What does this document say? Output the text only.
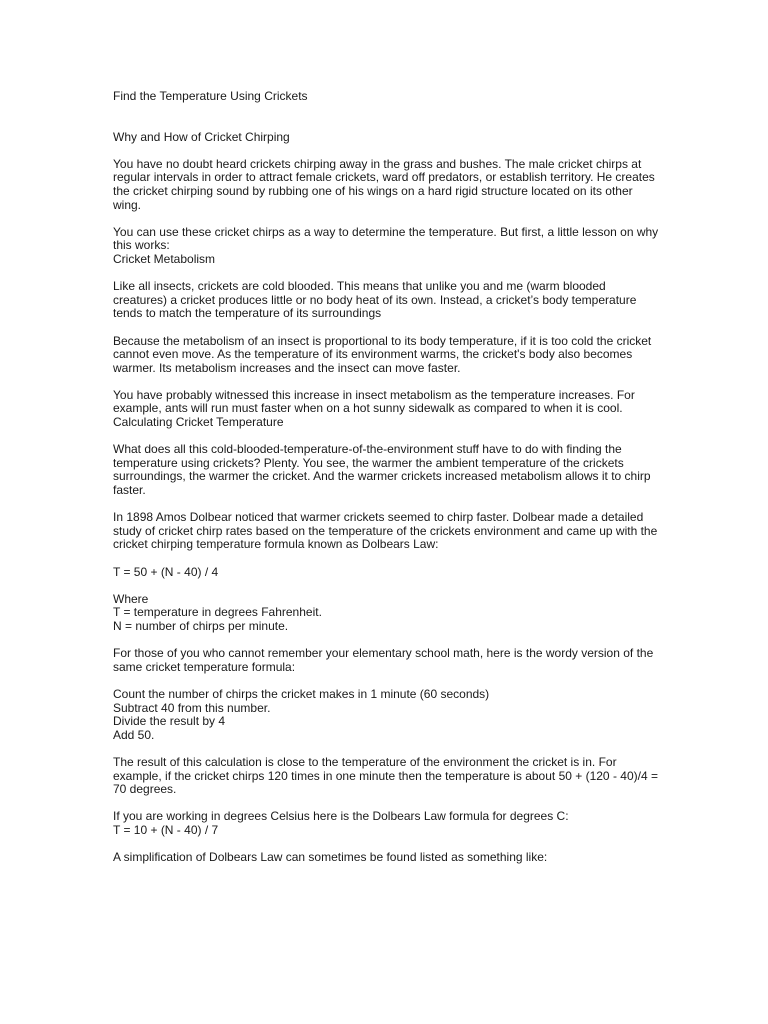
Find the Temperature Using Crickets

Why and How of Cricket Chirping

You have no doubt heard crickets chirping away in the grass and bushes. The male cricket chirps at regular intervals in order to attract female crickets, ward off predators, or establish territory. He creates the cricket chirping sound by rubbing one of his wings on a hard rigid structure located on its other wing.

You can use these cricket chirps as a way to determine the temperature. But first, a little lesson on why this works:

Cricket Metabolism

Like all insects, crickets are cold blooded. This means that unlike you and me (warm blooded creatures) a cricket produces little or no body heat of its own. Instead, a cricket’s body temperature tends to match the temperature of its surroundings

Because the metabolism of an insect is proportional to its body temperature, if it is too cold the cricket cannot even move. As the temperature of its environment warms, the cricket's body also becomes warmer. Its metabolism increases and the insect can move faster.

You have probably witnessed this increase in insect metabolism as the temperature increases. For example, ants will run must faster when on a hot sunny sidewalk as compared to when it is cool.

Calculating Cricket Temperature

What does all this cold-blooded-temperature-of-the-environment stuff have to do with finding the temperature using crickets? Plenty. You see, the warmer the ambient temperature of the crickets surroundings, the warmer the cricket. And the warmer crickets increased metabolism allows it to chirp faster.

In 1898 Amos Dolbear noticed that warmer crickets seemed to chirp faster. Dolbear made a detailed study of cricket chirp rates based on the temperature of the crickets environment and came up with the cricket chirping temperature formula known as Dolbears Law:

T = 50 + (N - 40) / 4

Where

T = temperature in degrees Fahrenheit.

N = number of chirps per minute.

For those of you who cannot remember your elementary school math, here is the wordy version of the same cricket temperature formula:

Count the number of chirps the cricket makes in 1 minute (60 seconds)

Subtract 40 from this number.

Divide the result by 4

Add 50.

The result of this calculation is close to the temperature of the environment the cricket is in. For example, if the cricket chirps 120 times in one minute then the temperature is about 50 + (120 - 40)/4 = 70 degrees.

If you are working in degrees Celsius here is the Dolbears Law formula for degrees C:

T = 10 + (N - 40) / 7

A simplification of Dolbears Law can sometimes be found listed as something like:
